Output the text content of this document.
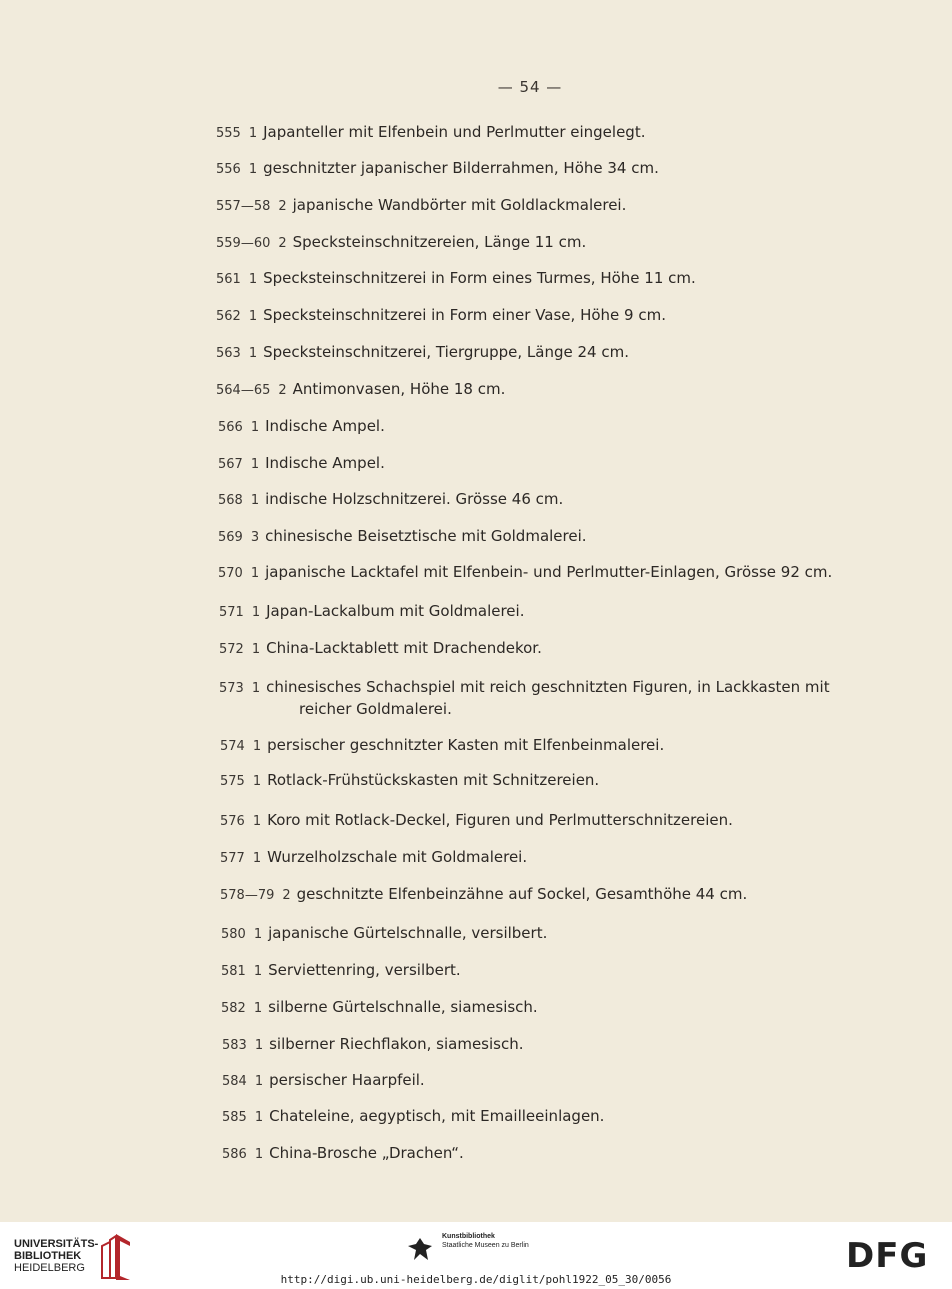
— 54 —
555 1 Japanteller mit Elfenbein und Perlmutter eingelegt.
556 1 geschnitzter japanischer Bilderrahmen, Höhe 34 cm.
557—58 2 japanische Wandbörter mit Goldlackmalerei.
559—60 2 Specksteinschnitzereien, Länge 11 cm.
561 1 Specksteinschnitzerei in Form eines Turmes, Höhe 11 cm.
562 1 Specksteinschnitzerei in Form einer Vase, Höhe 9 cm.
563 1 Specksteinschnitzerei, Tiergruppe, Länge 24 cm.
564—65 2 Antimonvasen, Höhe 18 cm.
566 1 Indische Ampel.
567 1 Indische Ampel.
568 1 indische Holzschnitzerei. Grösse 46 cm.
569 3 chinesische Beisetztische mit Goldmalerei.
570 1 japanische Lacktafel mit Elfenbein- und Perlmutter-Einlagen, Grösse 92 cm.
571 1 Japan-Lackalbum mit Goldmalerei.
572 1 China-Lacktablett mit Drachendekor.
573 1 chinesisches Schachspiel mit reich geschnitzten Figuren, in Lackkasten mit
reicher Goldmalerei.
574 1 persischer geschnitzter Kasten mit Elfenbeinmalerei.
575 1 Rotlack-Frühstückskasten mit Schnitzereien.
576 1 Koro mit Rotlack-Deckel, Figuren und Perlmutterschnitzereien.
577 1 Wurzelholzschale mit Goldmalerei.
578—79 2 geschnitzte Elfenbeinzähne auf Sockel, Gesamthöhe 44 cm.
580 1 japanische Gürtelschnalle, versilbert.
581 1 Serviettenring, versilbert.
582 1 silberne Gürtelschnalle, siamesisch.
583 1 silberner Riechflakon, siamesisch.
584 1 persischer Haarpfeil.
585 1 Chateleine, aegyptisch, mit Emailleeinlagen.
586 1 China-Brosche „Drachen“.
UNIVERSITÄTS-
BIBLIOTHEK
HEIDELBERG
Kunstbibliothek
Staatliche Museen zu Berlin	DFG
http://digi.ub.uni-heidelberg.de/diglit/pohl1922_05_30/0056
